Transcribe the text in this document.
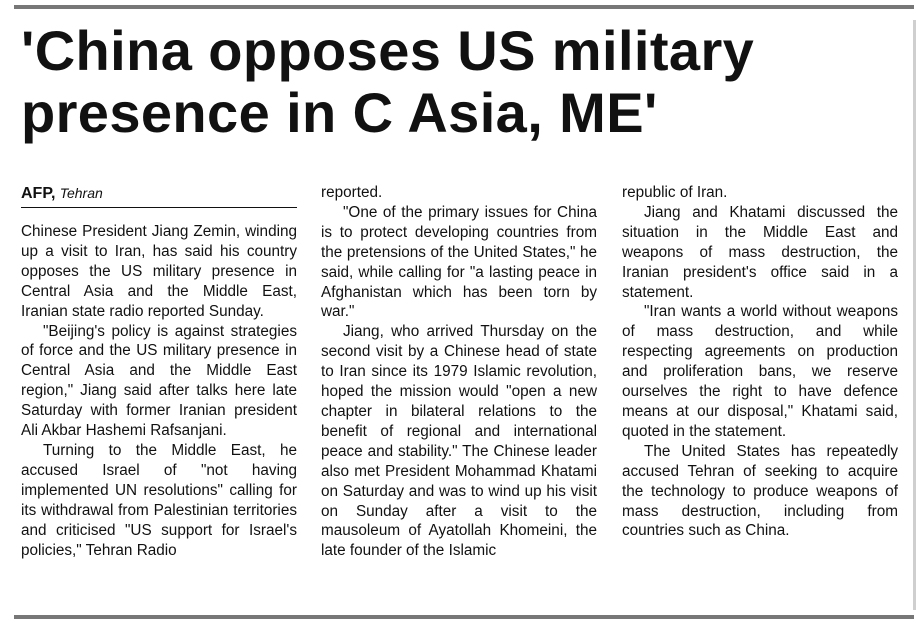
'China opposes US military
presence in C Asia, ME'
AFP, Tehran

Chinese President Jiang Zemin, winding up a visit to Iran, has said his country opposes the US military presence in Central Asia and the Middle East, Iranian state radio reported Sunday.

"Beijing's policy is against strategies of force and the US military presence in Central Asia and the Middle East region," Jiang said after talks here late Saturday with former Iranian president Ali Akbar Hashemi Rafsanjani.

Turning to the Middle East, he accused Israel of "not having implemented UN resolutions" calling for its withdrawal from Palestinian territories and criticised "US support for Israel's policies," Tehran Radio

reported.

"One of the primary issues for China is to protect developing countries from the pretensions of the United States," he said, while calling for "a lasting peace in Afghanistan which has been torn by war."

Jiang, who arrived Thursday on the second visit by a Chinese head of state to Iran since its 1979 Islamic revolution, hoped the mission would "open a new chapter in bilateral relations to the benefit of regional and international peace and stability." The Chinese leader also met President Mohammad Khatami on Saturday and was to wind up his visit on Sunday after a visit to the mausoleum of Ayatollah Khomeini, the late founder of the Islamic

republic of Iran.

Jiang and Khatami discussed the situation in the Middle East and weapons of mass destruction, the Iranian president's office said in a statement.

"Iran wants a world without weapons of mass destruction, and while respecting agreements on production and proliferation bans, we reserve ourselves the right to have defence means at our disposal," Khatami said, quoted in the statement.

The United States has repeatedly accused Tehran of seeking to acquire the technology to produce weapons of mass destruction, including from countries such as China.
